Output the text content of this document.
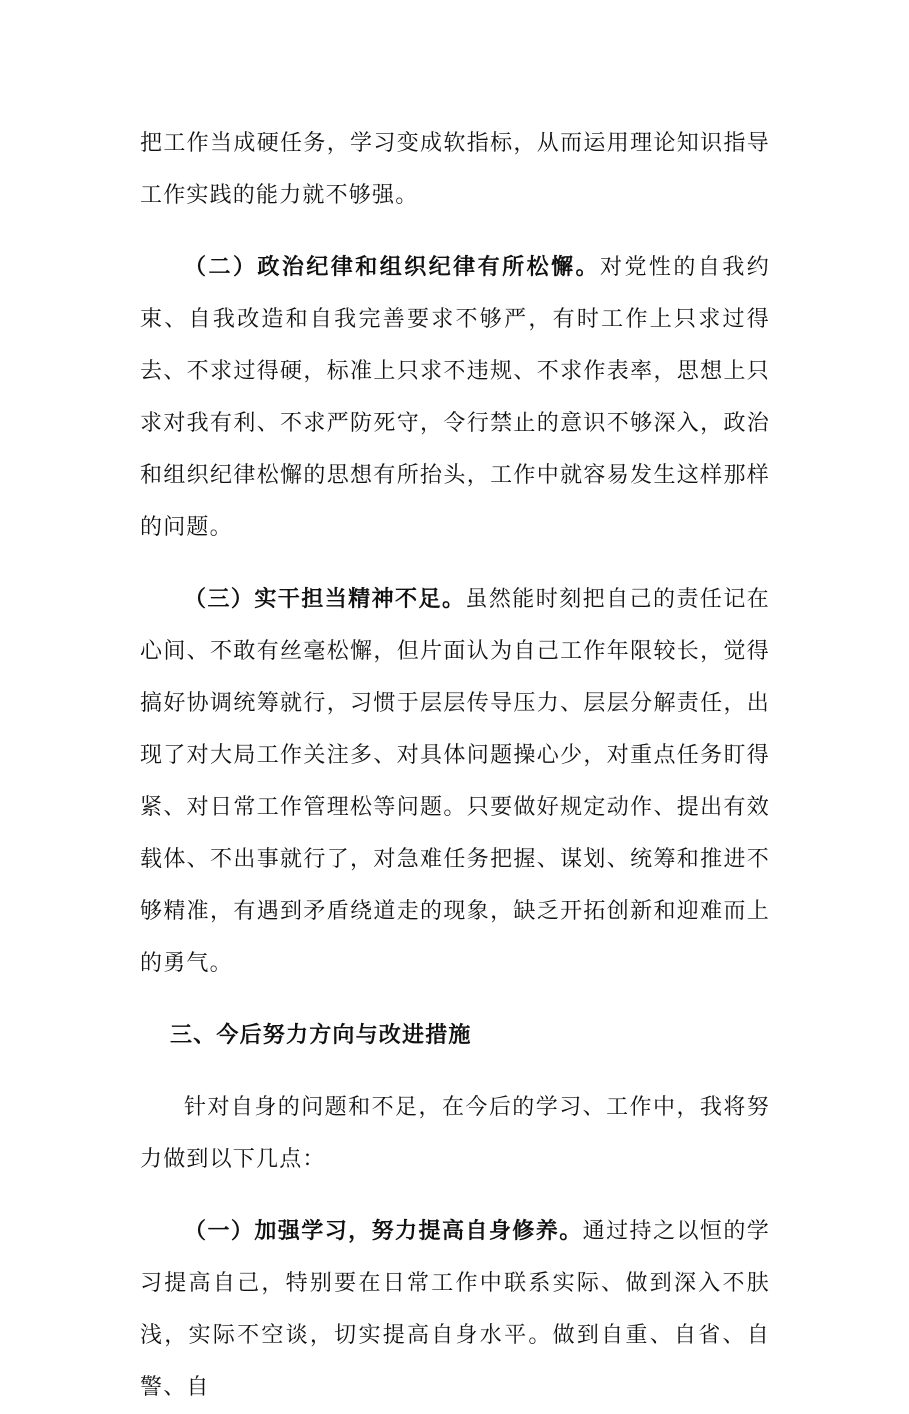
把工作当成硬任务，学习变成软指标，从而运用理论知识指导工作实践的能力就不够强。

（二）政治纪律和组织纪律有所松懈。对党性的自我约束、自我改造和自我完善要求不够严，有时工作上只求过得去、不求过得硬，标准上只求不违规、不求作表率，思想上只求对我有利、不求严防死守，令行禁止的意识不够深入，政治和组织纪律松懈的思想有所抬头，工作中就容易发生这样那样的问题。

（三）实干担当精神不足。虽然能时刻把自己的责任记在心间、不敢有丝毫松懈，但片面认为自己工作年限较长，觉得搞好协调统筹就行，习惯于层层传导压力、层层分解责任，出现了对大局工作关注多、对具体问题操心少，对重点任务盯得紧、对日常工作管理松等问题。只要做好规定动作、提出有效载体、不出事就行了，对急难任务把握、谋划、统筹和推进不够精准，有遇到矛盾绕道走的现象，缺乏开拓创新和迎难而上的勇气。

三、今后努力方向与改进措施

针对自身的问题和不足，在今后的学习、工作中，我将努力做到以下几点：

（一）加强学习，努力提高自身修养。通过持之以恒的学习提高自己，特别要在日常工作中联系实际、做到深入不肤浅，实际不空谈，切实提高自身水平。做到自重、自省、自警、自
